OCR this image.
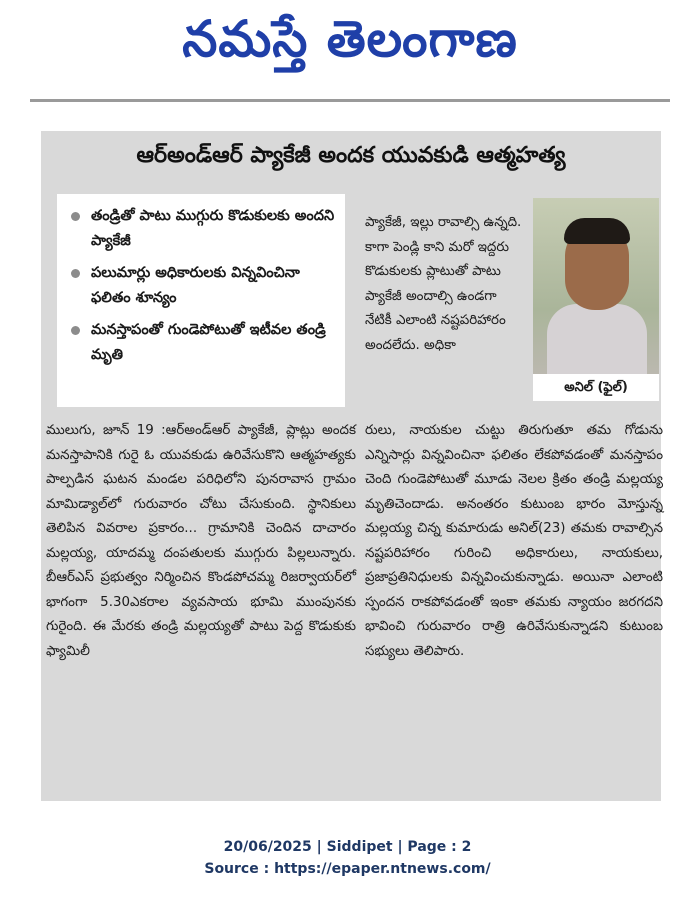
నమస్తే తెలంగాణ
ఆర్‌అండ్‌ఆర్ ప్యాకేజీ అందక యువకుడి ఆత్మహత్య
తండ్రితో పాటు ముగ్గురు కొడుకులకు అందని ప్యాకేజీ
పలుమార్లు అధికారులకు విన్నవించినా ఫలితం శూన్యం
మనస్తాపంతో గుండెపోటుతో ఇటీవల తండ్రి మృతి

ప్యాకేజీ, ఇల్లు రావాల్సి ఉన్నది. కాగా పెండ్లి కాని మరో ఇద్దరు కొడుకులకు ప్లాటుతో పాటు ప్యాకేజీ అందాల్సి ఉండగా నేటికీ ఎలాంటి నష్టపరిహారం అందలేదు. అధికా

అనిల్ (ఫైల్)

ములుగు, జూన్ 19 :ఆర్‌అండ్‌ఆర్ ప్యాకేజీ, ప్లాట్లు అందక మనస్తాపానికి గురై ఓ యువకుడు ఉరివేసుకొని ఆత్మహత్యకు పాల్పడిన ఘటన మండల పరిధిలోని పునరావాస గ్రామం మామిడ్యాల్‌లో గురువారం చోటు చేసుకుంది. స్థానికులు తెలిపిన వివరాల ప్రకారం... గ్రామానికి చెందిన దాచారం మల్లయ్య, యాదమ్మ దంపతులకు ముగ్గురు పిల్లలున్నారు. బీఆర్‌ఎస్ ప్రభుత్వం నిర్మించిన కొండపోచమ్మ రిజర్వాయర్‌లో భాగంగా 5.30ఎకరాల వ్యవసాయ భూమి ముంపునకు గురైంది. ఈ మేరకు తండ్రి మల్లయ్యతో పాటు పెద్ద కొడుకుకు ఫ్యామిలీ

రులు, నాయకుల చుట్టు తిరుగుతూ తమ గోడును ఎన్నిసార్లు విన్నవించినా ఫలితం లేకపోవడంతో మనస్తాపం చెంది గుండెపోటుతో మూడు నెలల క్రితం తండ్రి మల్లయ్య మృతిచెందాడు. అనంతరం కుటుంబ భారం మోస్తున్న మల్లయ్య చిన్న కుమారుడు అనిల్(23) తమకు రావాల్సిన నష్టపరిహారం గురించి అధికారులు, నాయకులు, ప్రజాప్రతినిధులకు విన్నవించుకున్నాడు. అయినా ఎలాంటి స్పందన రాకపోవడంతో ఇంకా తమకు న్యాయం జరగదని భావించి గురువారం రాత్రి ఉరివేసుకున్నాడని కుటుంబ సభ్యులు తెలిపారు.

20/06/2025 | Siddipet | Page : 2
Source : https://epaper.ntnews.com/
